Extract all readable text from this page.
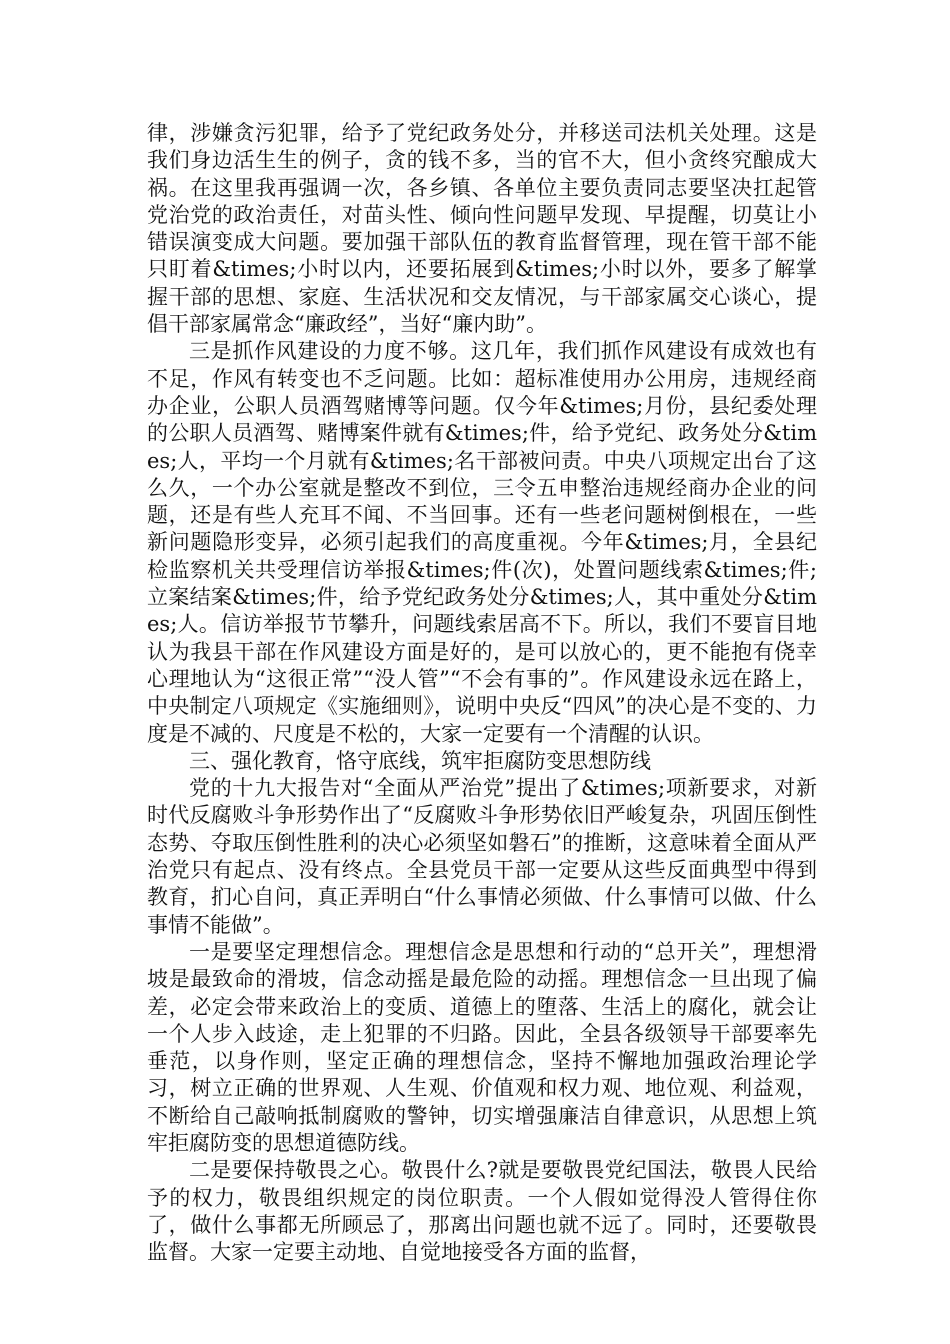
律，涉嫌贪污犯罪，给予了党纪政务处分，并移送司法机关处理。这是我们身边活生生的例子，贪的钱不多，当的官不大，但小贪终究酿成大祸。在这里我再强调一次，各乡镇、各单位主要负责同志要坚决扛起管党治党的政治责任，对苗头性、倾向性问题早发现、早提醒，切莫让小错误演变成大问题。要加强干部队伍的教育监督管理，现在管干部不能只盯着&times;小时以内，还要拓展到&times;小时以外，要多了解掌握干部的思想、家庭、生活状况和交友情况，与干部家属交心谈心，提倡干部家属常念“廉政经”，当好“廉内助”。

三是抓作风建设的力度不够。这几年，我们抓作风建设有成效也有不足，作风有转变也不乏问题。比如：超标准使用办公用房，违规经商办企业，公职人员酒驾赌博等问题。仅今年&times;月份，县纪委处理的公职人员酒驾、赌博案件就有&times;件，给予党纪、政务处分&times;人，平均一个月就有&times;名干部被问责。中央八项规定出台了这么久，一个办公室就是整改不到位，三令五申整治违规经商办企业的问题，还是有些人充耳不闻、不当回事。还有一些老问题树倒根在，一些新问题隐形变异，必须引起我们的高度重视。今年&times;月，全县纪检监察机关共受理信访举报&times;件(次)，处置问题线索&times;件;立案结案&times;件，给予党纪政务处分&times;人，其中重处分&times;人。信访举报节节攀升，问题线索居高不下。所以，我们不要盲目地认为我县干部在作风建设方面是好的，是可以放心的，更不能抱有侥幸心理地认为“这很正常”“没人管”“不会有事的”。作风建设永远在路上，中央制定八项规定《实施细则》，说明中央反“四风”的决心是不变的、力度是不减的、尺度是不松的，大家一定要有一个清醒的认识。

三、强化教育，恪守底线，筑牢拒腐防变思想防线

党的十九大报告对“全面从严治党”提出了&times;项新要求，对新时代反腐败斗争形势作出了“反腐败斗争形势依旧严峻复杂，巩固压倒性态势、夺取压倒性胜利的决心必须坚如磐石”的推断，这意味着全面从严治党只有起点、没有终点。全县党员干部一定要从这些反面典型中得到教育，扪心自问，真正弄明白“什么事情必须做、什么事情可以做、什么事情不能做”。

一是要坚定理想信念。理想信念是思想和行动的“总开关”，理想滑坡是最致命的滑坡，信念动摇是最危险的动摇。理想信念一旦出现了偏差，必定会带来政治上的变质、道德上的堕落、生活上的腐化，就会让一个人步入歧途，走上犯罪的不归路。因此，全县各级领导干部要率先垂范，以身作则，坚定正确的理想信念，坚持不懈地加强政治理论学习，树立正确的世界观、人生观、价值观和权力观、地位观、利益观，不断给自己敲响抵制腐败的警钟，切实增强廉洁自律意识，从思想上筑牢拒腐防变的思想道德防线。

二是要保持敬畏之心。敬畏什么?就是要敬畏党纪国法，敬畏人民给予的权力，敬畏组织规定的岗位职责。一个人假如觉得没人管得住你了，做什么事都无所顾忌了，那离出问题也就不远了。同时，还要敬畏监督。大家一定要主动地、自觉地接受各方面的监督，
